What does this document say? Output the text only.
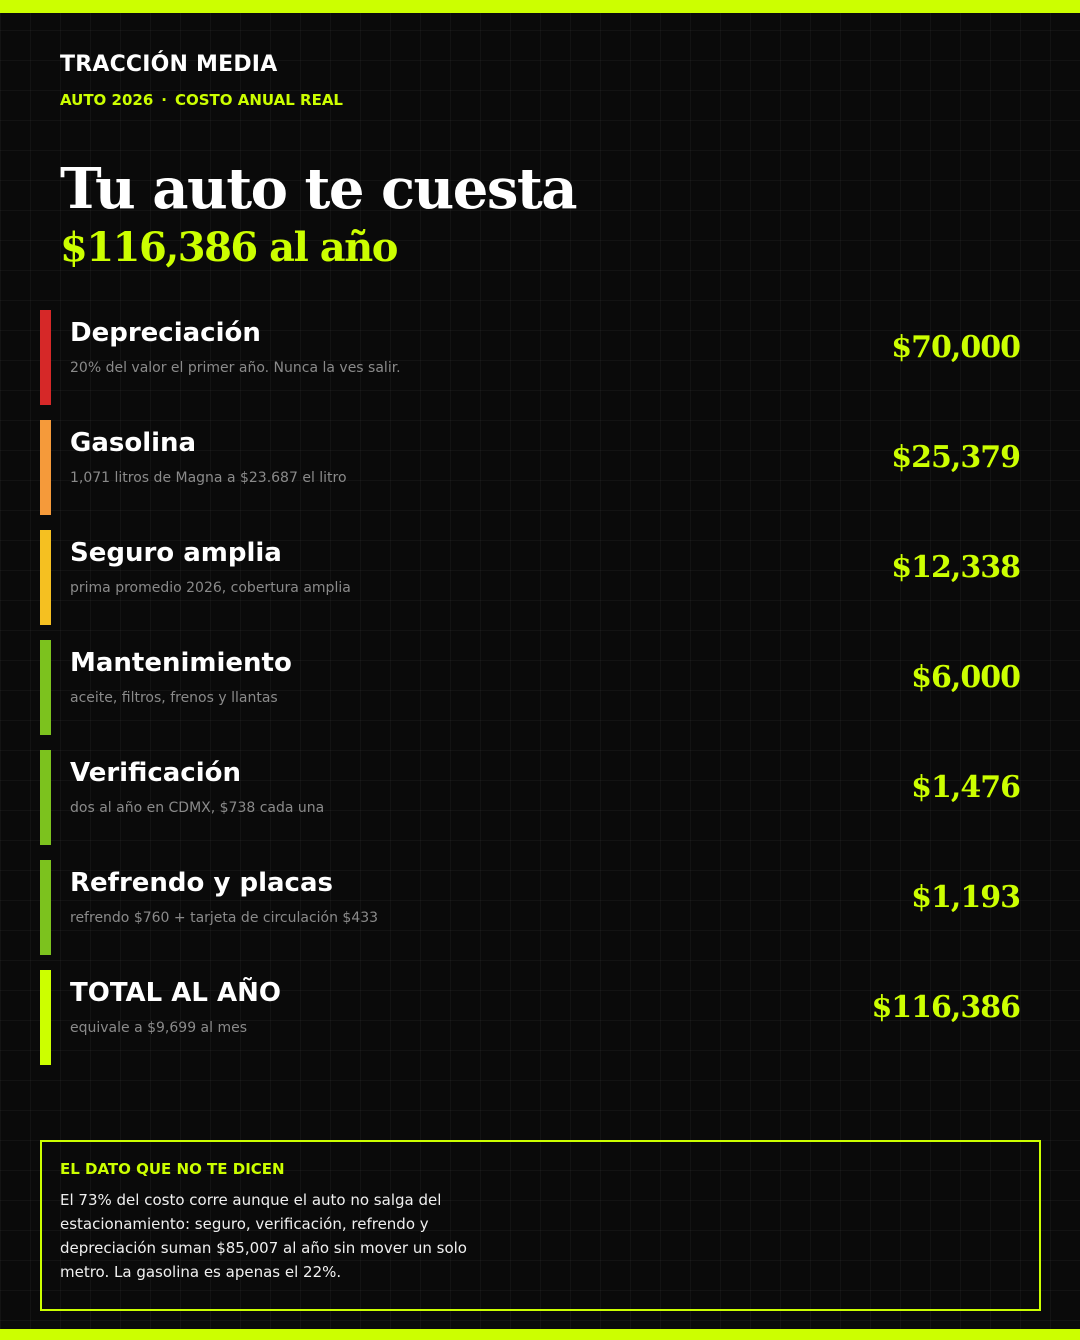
TRACCIÓN MEDIA
AUTO 2026 · COSTO ANUAL REAL
Tu auto te cuesta
$116,386 al año
Depreciación
20% del valor el primer año. Nunca la ves salir.
$70,000
Gasolina
1,071 litros de Magna a $23.687 el litro
$25,379
Seguro amplia
prima promedio 2026, cobertura amplia
$12,338
Mantenimiento
aceite, filtros, frenos y llantas
$6,000
Verificación
dos al año en CDMX, $738 cada una
$1,476
Refrendo y placas
refrendo $760 + tarjeta de circulación $433
$1,193
TOTAL AL AÑO
equivale a $9,699 al mes
$116,386
EL DATO QUE NO TE DICEN
El 73% del costo corre aunque el auto no salga del estacionamiento: seguro, verificación, refrendo y depreciación suman $85,007 al año sin mover un solo metro. La gasolina es apenas el 22%.
